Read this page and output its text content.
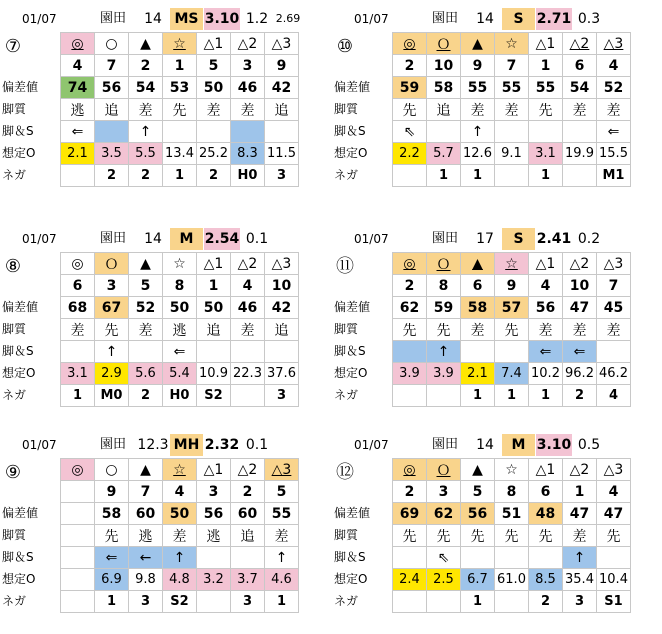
01/07	園田	14 MS 3.10 1.2 2.69
⑦
偏差値
脚質
脚＆S
想定O
ネガ
◎	○	▲	☆	△1	△2	△3
4	7	2	1	5	3	9
74	56	54	53	50	46	42
逃	追	差	先	差	差	追
⇐		↑				
2.1	3.5	5.5	13.4	25.2	8.3	11.5
	2	2	1	2	H0	3
01/07	園田	14	S 2.71 0.3
⑩
偏差値
脚質
脚＆S
想定O
ネガ
◎	Ｏ	▲	☆	△1	△2	△3
2	10	9	7	1	6	4
59	58	55	55	55	54	52
先	追	差	差	先	差	差
⇖		↑				⇐
2.2	5.7	12.6	9.1	3.1	19.9	15.5
	1	1		1		M1
01/07	園田	14	M 2.54 0.1
⑧
偏差値
脚質
脚＆S
想定O
ネガ
◎	Ｏ	▲	☆	△1	△2	△3
6	3	5	8	1	4	10
68	67	52	50	50	46	42
差	先	差	逃	追	差	追
	↑		⇐			
3.1	2.9	5.6	5.4	10.9	22.3	37.6
1	M0	2	H0	S2		3
01/07	園田	17	S 2.41 0.2
⑪
偏差値
脚質
脚＆S
想定O
ネガ
◎	Ｏ	▲	☆	△1	△2	△3
2	8	6	9	4	10	7
62	59	58	57	56	47	45
先	先	差	先	差	差	差
	↑			⇐	⇐	
3.9	3.9	2.1	7.4	10.2	96.2	46.2
		1	1	1	2	4
01/07	園田 12.3 MH 2.32 0.1
⑨
偏差値
脚質
脚＆S
想定O
ネガ
◎	○	▲	☆	△1	△2	△3
	9	7	4	3	2	5
	58	60	50	56	60	55
	先	逃	差	逃	追	差
	⇐	←	↑			↑
	6.9	9.8	4.8	3.2	3.7	4.6
	1	3	S2		3	1
01/07	園田	14	M 3.10 0.5
⑫
偏差値
脚質
脚＆S
想定O
ネガ
◎	Ｏ	▲	☆	△1	△2	△3
2	3	5	8	6	1	4
69	62	56	51	48	47	47
先	先	先	先	先	差	先
	⇖				↑	
2.4	2.5	6.7	61.0	8.5	35.4	10.4
		1		2	3	S1
